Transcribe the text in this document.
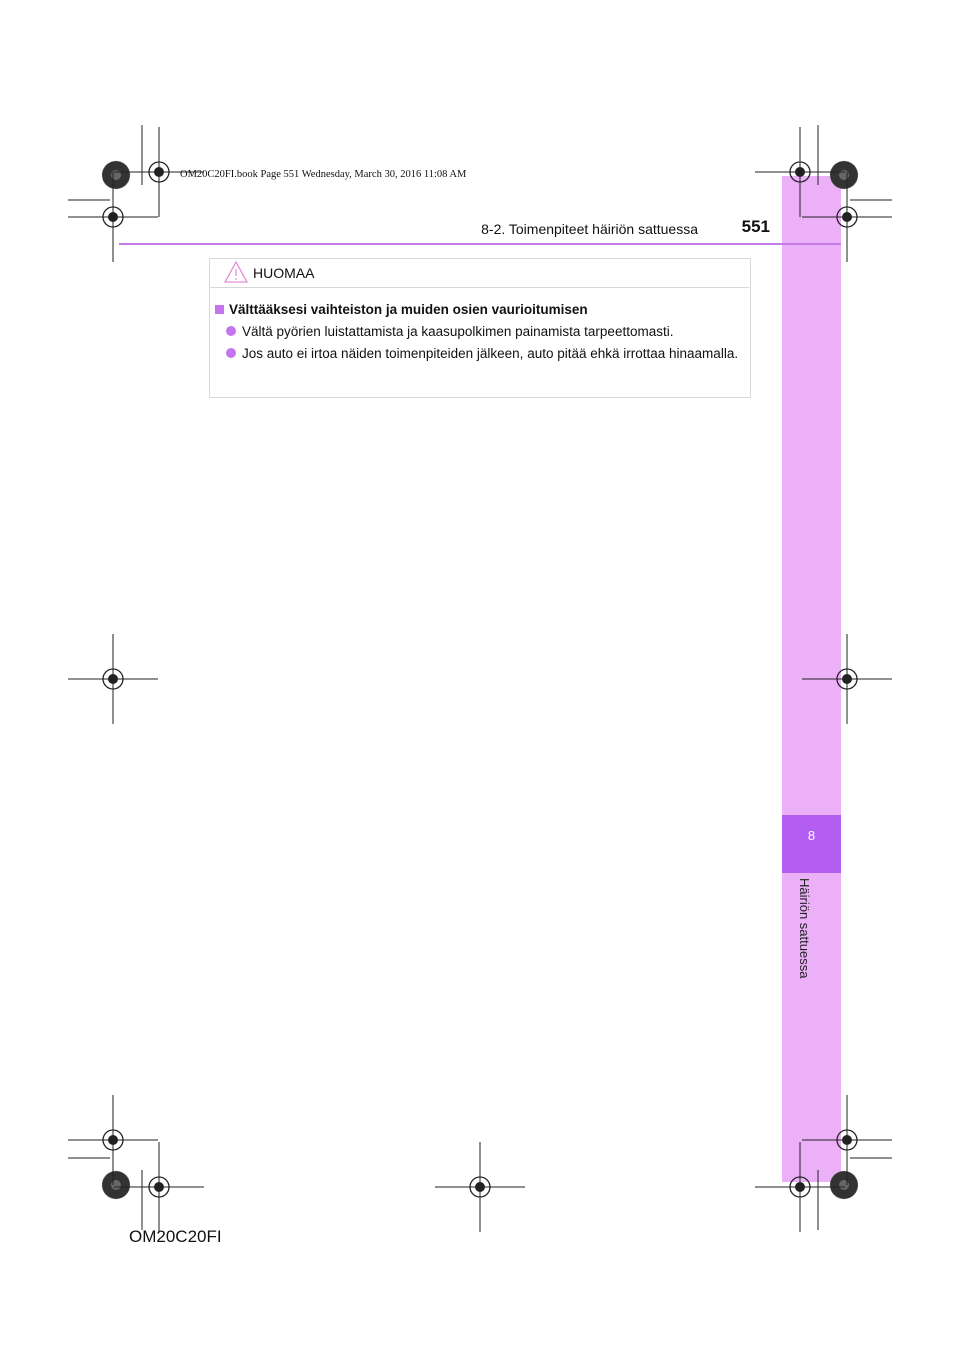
8
Häiriön sattuessa
OM20C20FI.book Page 551 Wednesday, March 30, 2016 11:08 AM
8-2. Toimenpiteet häiriön sattuessa	551
HUOMAA
Välttääksesi vaihteiston ja muiden osien vaurioitumisen
Vältä pyörien luistattamista ja kaasupolkimen painamista tarpeettomasti.
Jos auto ei irtoa näiden toimenpiteiden jälkeen, auto pitää ehkä irrottaa hinaamalla.
OM20C20FI
